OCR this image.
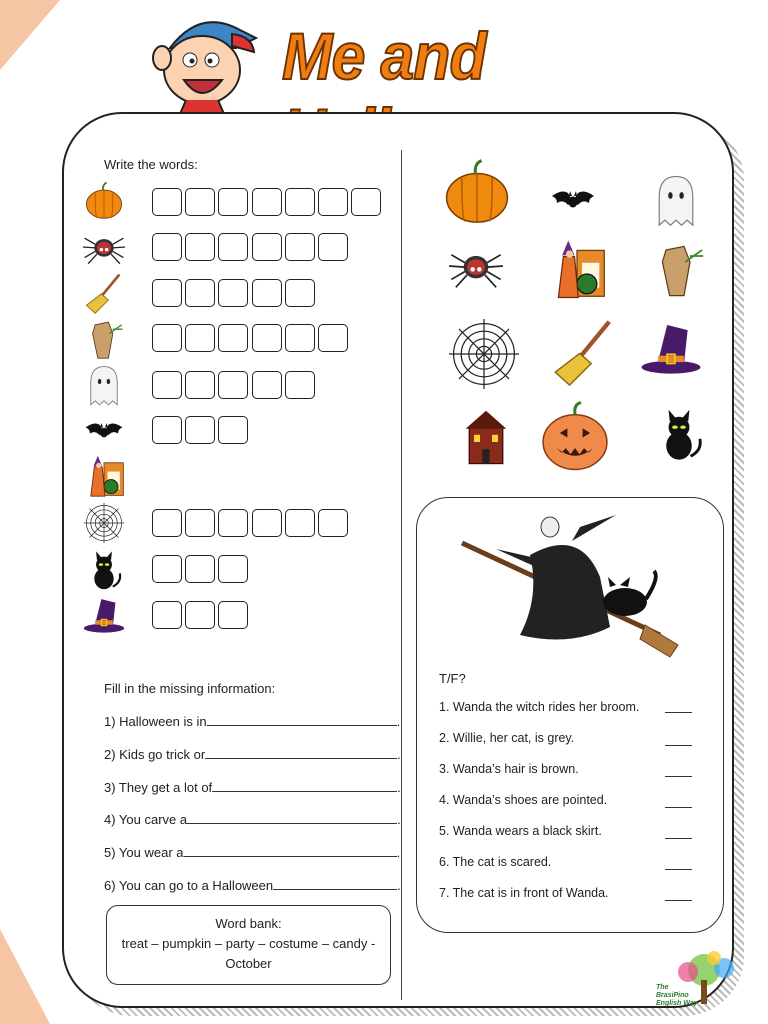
Me and
Write the words:
Fill in the missing information:
1) Halloween is in	.
2) Kids go trick or	.
3) They get a lot of	.
4) You carve a	.
5) You wear a	.
6) You can go to a Halloween	.
Word bank:
treat – pumpkin – party – costume – candy -
October
T/F?
1. Wanda the witch rides her broom.
2. Willie, her cat, is grey.
3. Wanda’s hair is brown.
4. Wanda’s shoes are pointed.
5. Wanda wears a black skirt.
6. The cat is scared.
7. The cat is in front of Wanda.
The
BrasiPino
English Way
